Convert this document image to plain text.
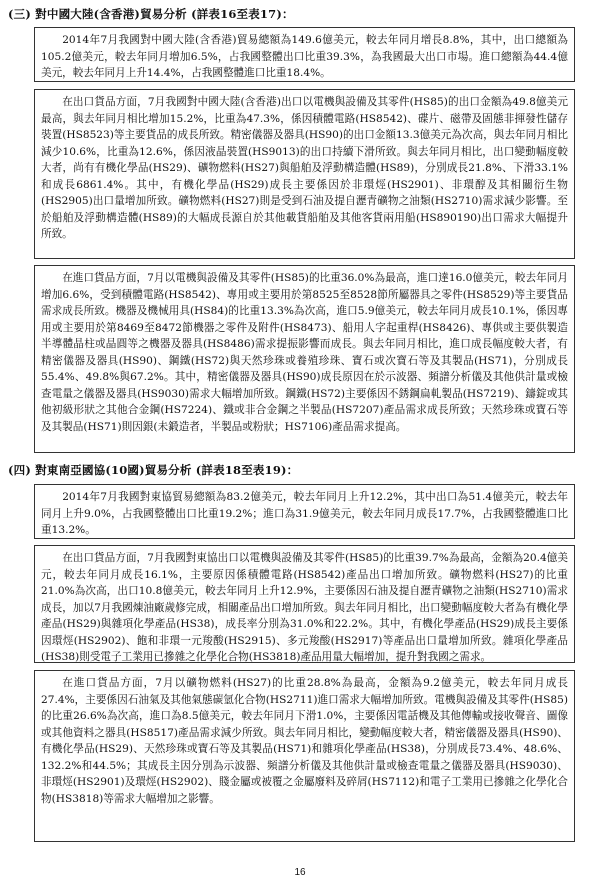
(三) 對中國大陸(含香港)貿易分析 (詳表16至表17)：
2014年7月我國對中國大陸(含香港)貿易總額為149.6億美元，較去年同月增長8.8%，其中，出口總額為105.2億美元，較去年同月增加6.5%，占我國整體出口比重39.3%，為我國最大出口市場。進口總額為44.4億美元，較去年同月上升14.4%，占我國整體進口比重18.4%。
在出口貨品方面，7月我國對中國大陸(含香港)出口以電機與設備及其零件(HS85)的出口金額為49.8億美元最高，與去年同月相比增加15.2%，比重為47.3%，係因積體電路(HS8542)、碟片、磁帶及固態非揮發性儲存裝置(HS8523)等主要貨品的成長所致。精密儀器及器具(HS90)的出口金額13.3億美元為次高，與去年同月相比減少10.6%，比重為12.6%，係因液晶裝置(HS9013)的出口持續下滑所致。與去年同月相比，出口變動幅度較大者，尚有有機化學品(HS29)、礦物燃料(HS27)與船舶及浮動構造體(HS89)，分別成長21.8%、下滑33.1%和成長6861.4%。其中，有機化學品(HS29)成長主要係因於非環烴(HS2901)、非環醇及其相關衍生物(HS2905)出口量增加所致。礦物燃料(HS27)則是受到石油及提自瀝青礦物之油類(HS2710)需求減少影響。至於船舶及浮動構造體(HS89)的大幅成長源自於其他載貨船舶及其他客貨兩用船(HS890190)出口需求大幅提升所致。
在進口貨品方面，7月以電機與設備及其零件(HS85)的比重36.0%為最高，進口達16.0億美元，較去年同月增加6.6%，受到積體電路(HS8542)、專用或主要用於第8525至8528節所屬器具之零件(HS8529)等主要貨品需求成長所致。機器及機械用具(HS84)的比重13.3%為次高，進口5.9億美元，較去年同月成長10.1%，係因專用或主要用於第8469至8472節機器之零件及附件(HS8473)、船用人字起重桿(HS8426)、專供或主要供製造半導體晶柱或晶圓等之機器及器具(HS8486)需求提振影響而成長。與去年同月相比，進口成長幅度較大者，有精密儀器及器具(HS90)、鋼鐵(HS72)與天然珍珠或養殖珍珠、寶石或次寶石等及其製品(HS71)，分別成長55.4%、49.8%與67.2%。其中，精密儀器及器具(HS90)成長原因在於示波器、頻譜分析儀及其他供計量或檢查電量之儀器及器具(HS9030)需求大幅增加所致。鋼鐵(HS72)主要係因不銹鋼扁軋製品(HS7219)、鑄錠或其他初級形狀之其他合金鋼(HS7224)、鐵或非合金鋼之半製品(HS7207)產品需求成長所致；天然珍珠或寶石等及其製品(HS71)則因銀(未鍛造者，半製品或粉狀；HS7106)產品需求提高。
(四) 對東南亞國協(10國)貿易分析 (詳表18至表19)：
2014年7月我國對東協貿易總額為83.2億美元，較去年同月上升12.2%，其中出口為51.4億美元，較去年同月上升9.0%，占我國整體出口比重19.2%；進口為31.9億美元，較去年同月成長17.7%，占我國整體進口比重13.2%。
在出口貨品方面，7月我國對東協出口以電機與設備及其零件(HS85)的比重39.7%為最高，金額為20.4億美元，較去年同月成長16.1%，主要原因係積體電路(HS8542)產品出口增加所致。礦物燃料(HS27)的比重21.0%為次高，出口10.8億美元，較去年同月上升12.9%，主要係因石油及提自瀝青礦物之油類(HS2710)需求成長，加以7月我國煉油廠歲修完成，相關產品出口增加所致。與去年同月相比，出口變動幅度較大者為有機化學產品(HS29)與雜項化學產品(HS38)，成長率分別為31.0%和22.2%。其中，有機化學產品(HS29)成長主要係因環烴(HS2902)、飽和非環一元羧酸(HS2915)、多元羧酸(HS2917)等產品出口量增加所致。雜項化學產品(HS38)則受電子工業用已摻雜之化學化合物(HS3818)產品用量大幅增加，提升對我國之需求。
在進口貨品方面，7月以礦物燃料(HS27)的比重28.8%為最高，金額為9.2億美元，較去年同月成長27.4%，主要係因石油氣及其他氣態碳氫化合物(HS2711)進口需求大幅增加所致。電機與設備及其零件(HS85)的比重26.6%為次高，進口為8.5億美元，較去年同月下滑1.0%，主要係因電話機及其他傳輸或接收聲音、圖像或其他資料之器具(HS8517)產品需求減少所致。與去年同月相比，變動幅度較大者，精密儀器及器具(HS90)、有機化學品(HS29)、天然珍珠或寶石等及其製品(HS71)和雜項化學產品(HS38)，分別成長73.4%、48.6%、132.2%和44.5%；其成長主因分別為示波器、頻譜分析儀及其他供計量或檢查電量之儀器及器具(HS9030)、非環烴(HS2901)及環烴(HS2902)、賤金屬或被覆之金屬廢料及碎屑(HS7112)和電子工業用已摻雜之化學化合物(HS3818)等需求大幅增加之影響。
16
